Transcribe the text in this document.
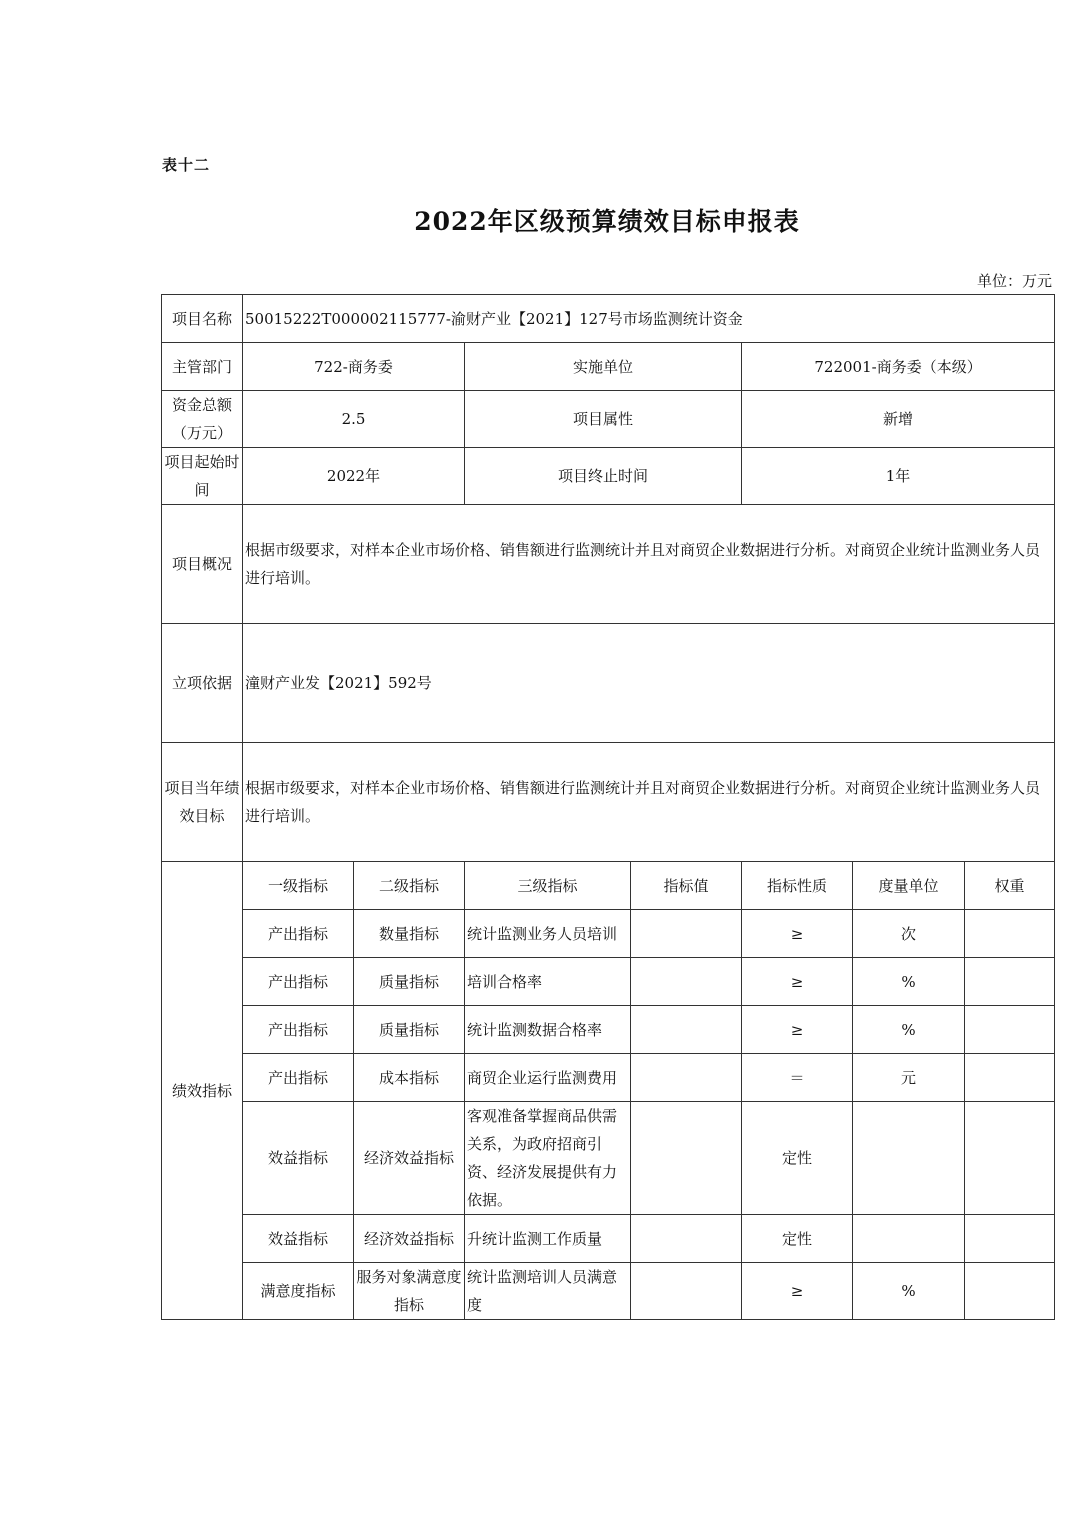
表十二
2022年区级预算绩效目标申报表
单位：万元
项目名称	50015222T000002115777-渝财产业【2021】127号市场监测统计资金						
主管部门	722-商务委		实施单位		722001-商务委（本级）		
资金总额（万元）	2.5		项目属性		新增		
项目起始时间	2022年		项目终止时间		1年		
项目概况	根据市级要求，对样本企业市场价格、销售额进行监测统计并且对商贸企业数据进行分析。对商贸企业统计监测业务人员进行培训。						
立项依据	潼财产业发【2021】592号						
项目当年绩效目标	根据市级要求，对样本企业市场价格、销售额进行监测统计并且对商贸企业数据进行分析。对商贸企业统计监测业务人员进行培训。						
绩效指标	一级指标	二级指标	三级指标	指标值	指标性质	度量单位	权重
	产出指标	数量指标	统计监测业务人员培训		≥	次	
	产出指标	质量指标	培训合格率		≥	%	
	产出指标	质量指标	统计监测数据合格率		≥	%	
	产出指标	成本指标	商贸企业运行监测费用		＝	元	
	效益指标	经济效益指标	客观准备掌握商品供需关系，为政府招商引资、经济发展提供有力依据。		定性		
	效益指标	经济效益指标	升统计监测工作质量		定性		
	满意度指标	服务对象满意度指标	统计监测培训人员满意度		≥	%	
